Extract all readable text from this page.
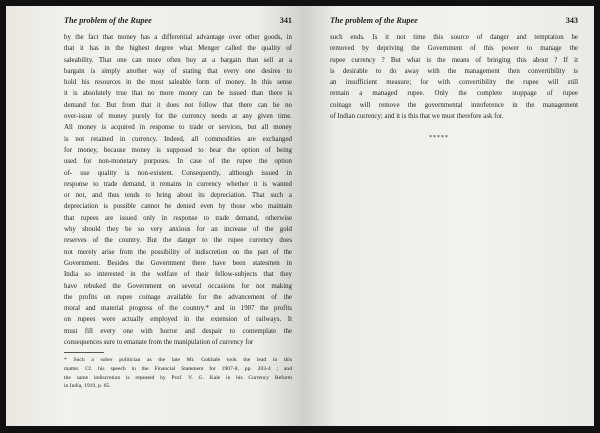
The problem of the Rupee	341
by the fact that money has a differential advantage over other goods, in
that it has in the highest degree what Menger called the quality of
saleability. That one can more often buy at a bargain than sell at a
bargain is simply another way of stating that every one desires to
hold his resources in the most saleable form of money. In this sense
it is absolutely true that no more money can be issued than there is
demand for. But from that it does not follow that there can be no
over-issue of money purely for the currency needs at any given time.
All money is acquired in response to trade or services, but all money
is not retained in currency. Indeed, all commodities are exchanged
for money, because money is supposed to bear the option of being
used for non-monetary purposes. In case of the rupee the option
of- use quality is non-existent. Consequently, although issued in
response to trade demand, it remains in currency whether it is wanted
or not, and thus tends to bring about its depreciation. That such a
depreciation is possible cannot be denied even by those who maintain
that rupees are issued only in response to trade demand, otherwise
why should they be so very anxious for an increase of the gold
reserves of the country. But the danger to the rupee currency does
not merely arise from the possibility of indiscretion on the part of the
Government. Besides the Government there have been statesmen in
India so interested in the welfare of their fellow-subjects that they
have rebuked the Government on several occasions for not making
the profits on rupee coinage available for the advancement of the
moral and material progress of the country.* and in 1907 the profits
on rupees were actually employed in the extension of railways. It
must fill every one with horror and despair to contemplate the
consequences sure to emanate from the manipulation of currency for
* Such a sober politician as the late Mr. Gokhale took the lead in this
matter. Cf. his speech in the Financial Statement for 1907-8, pp. 203-4 ; and
the same indiscretion is repeated by Prof. V. G. Kale in his Currency Reform
in India, 1919, p. 65.
The problem of the Rupee	343
such ends. Is it not time this source of danger and temptation be
removed by depriving the Government of this power to manage the
rupee currency ? But what is the means of bringing this about ? If it
is desirable to do away with the management then convertibility is
an insufficient measure; for with convertibility the rupee will still
remain a managed rupee. Only the complete stoppage of rupee
coinage will remove the governmental interference in the management
of Indian currency; and it is this that we must therefore ask for.
*****
